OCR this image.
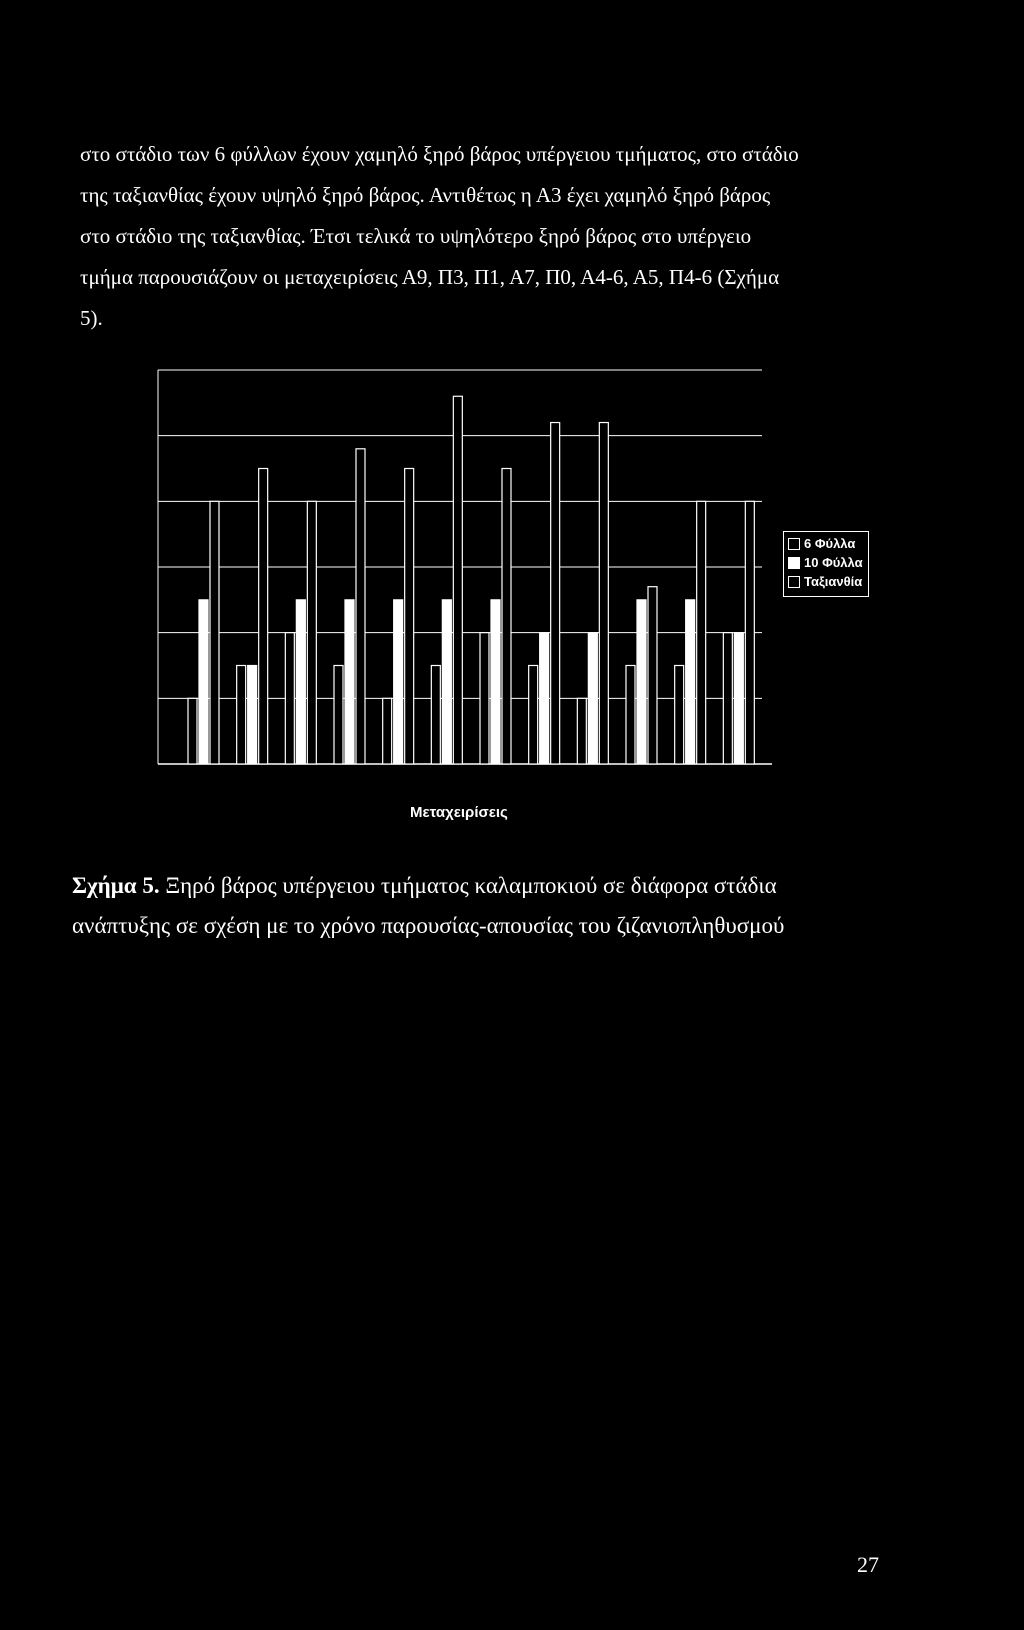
στο στάδιο των 6 φύλλων έχουν χαμηλό ξηρό βάρος υπέργειου τμήματος, στο στάδιο

της ταξιανθίας έχουν υψηλό ξηρό βάρος. Αντιθέτως η Α3 έχει χαμηλό ξηρό βάρος

στο στάδιο της ταξιανθίας. Έτσι τελικά το υψηλότερο ξηρό βάρος στο υπέργειο

τμήμα παρουσιάζουν οι μεταχειρίσεις Α9, Π3, Π1, Α7, Π0, Α4-6, Α5, Π4-6 (Σχήμα

5).

6 Φύλλα
10 Φύλλα
Ταξιανθία
Μεταχειρίσεις

Σχήμα 5. Ξηρό βάρος υπέργειου τμήματος καλαμποκιού σε διάφορα στάδια

ανάπτυξης σε σχέση με το χρόνο παρουσίας-απουσίας του ζιζανιοπληθυσμού

27
